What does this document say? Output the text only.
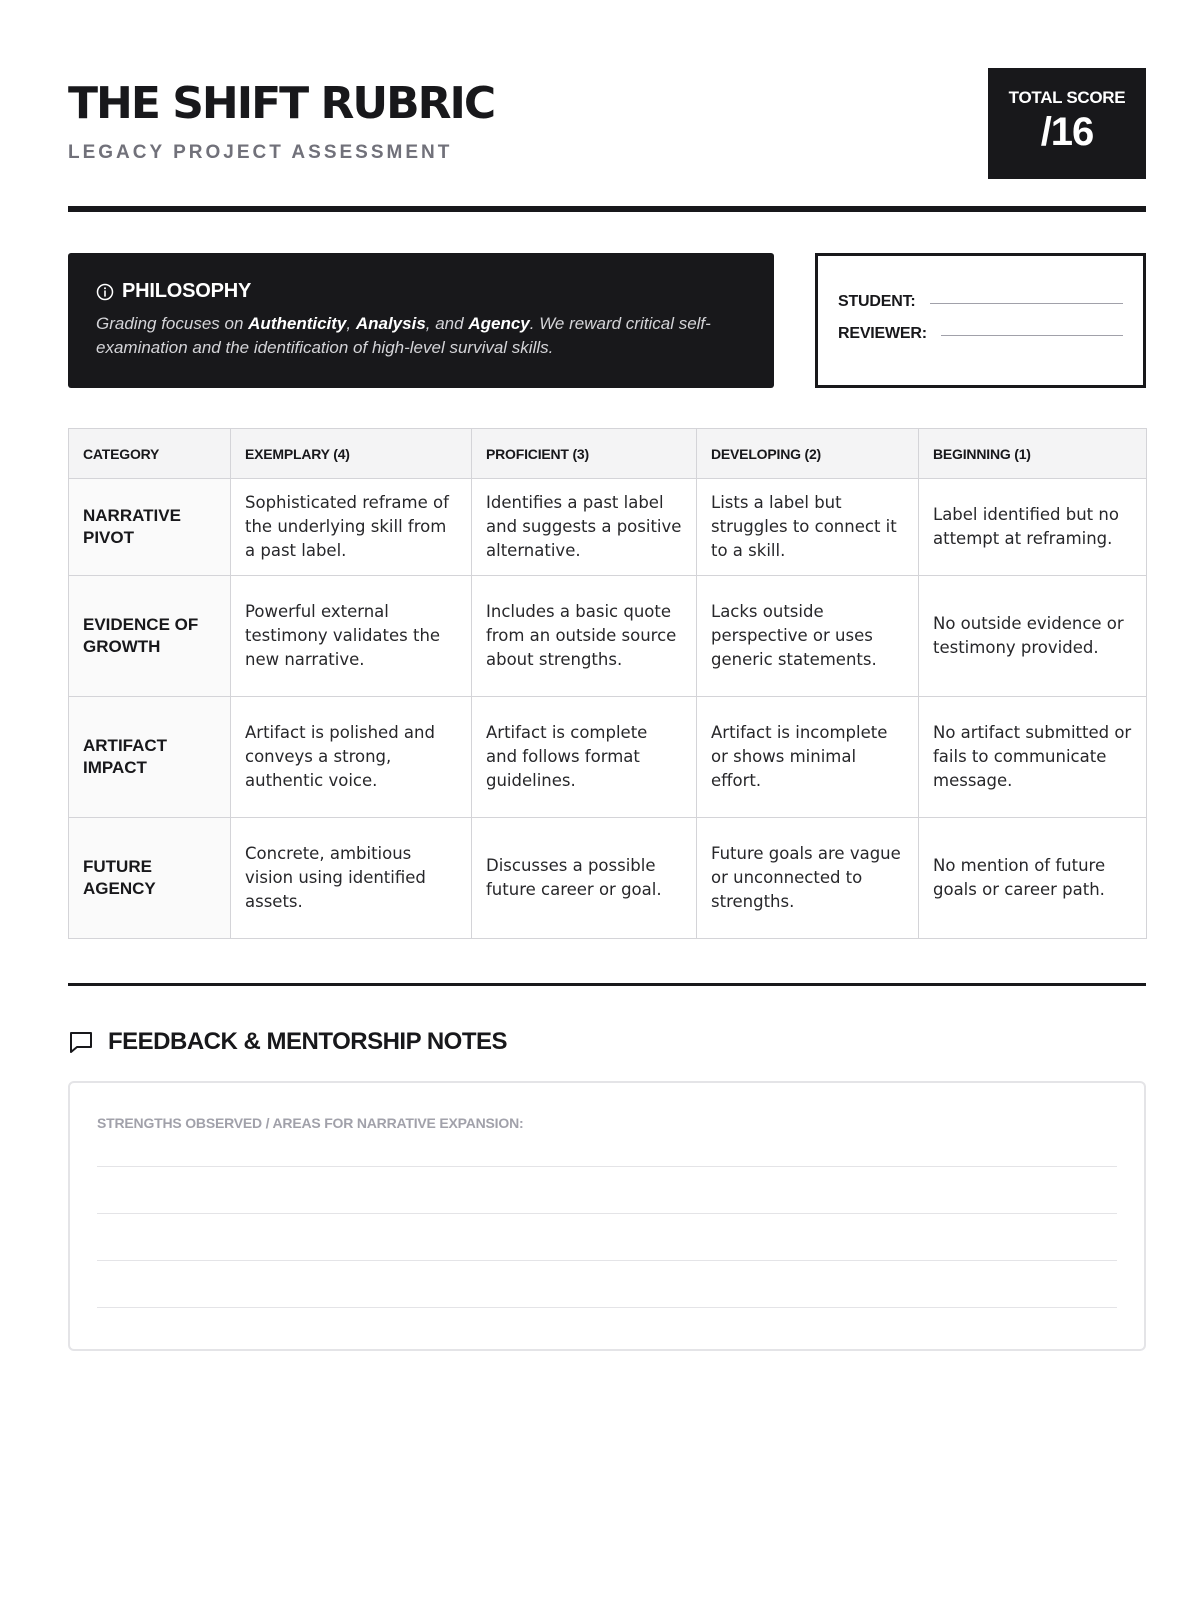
THE SHIFT RUBRIC
LEGACY PROJECT ASSESSMENT
TOTAL SCORE
/16
PHILOSOPHY
Grading focuses on Authenticity, Analysis, and Agency. We reward critical self-examination and the identification of high-level survival skills.
STUDENT:
REVIEWER:
CATEGORY	EXEMPLARY (4)	PROFICIENT (3)	DEVELOPING (2)	BEGINNING (1)
NARRATIVE PIVOT	Sophisticated reframe of the underlying skill from a past label.	Identifies a past label and suggests a positive alternative.	Lists a label but struggles to connect it to a skill.	Label identified but no attempt at reframing.
EVIDENCE OF GROWTH	Powerful external testimony validates the new narrative.	Includes a basic quote from an outside source about strengths.	Lacks outside perspective or uses generic statements.	No outside evidence or testimony provided.
ARTIFACT IMPACT	Artifact is polished and conveys a strong, authentic voice.	Artifact is complete and follows format guidelines.	Artifact is incomplete or shows minimal effort.	No artifact submitted or fails to communicate message.
FUTURE AGENCY	Concrete, ambitious vision using identified assets.	Discusses a possible future career or goal.	Future goals are vague or unconnected to strengths.	No mention of future goals or career path.
FEEDBACK & MENTORSHIP NOTES
STRENGTHS OBSERVED / AREAS FOR NARRATIVE EXPANSION:
